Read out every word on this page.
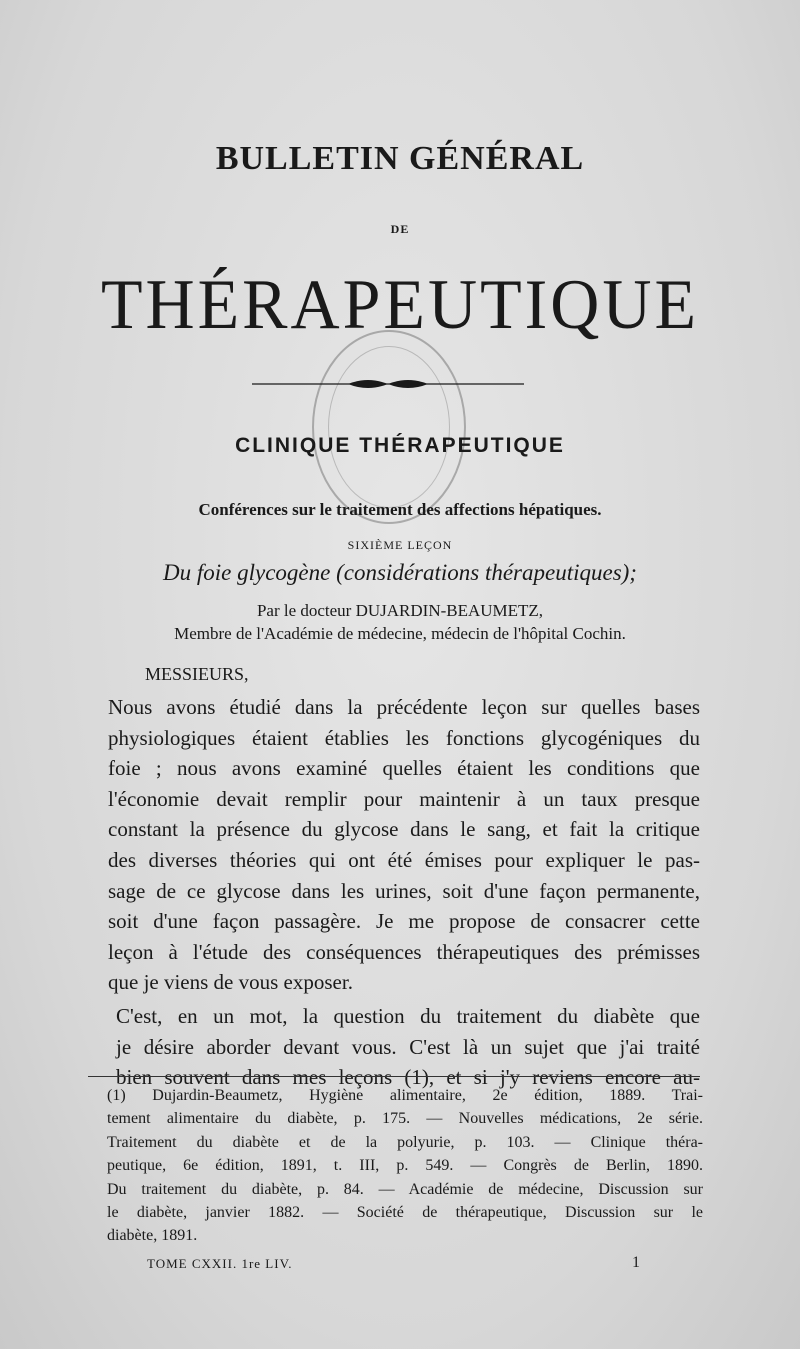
BULLETIN GÉNÉRAL
DE
THÉRAPEUTIQUE
CLINIQUE THÉRAPEUTIQUE
Conférences sur le traitement des affections hépatiques.
SIXIÈME LEÇON
Du foie glycogène (considérations thérapeutiques);
Par le docteur DUJARDIN-BEAUMETZ,
Membre de l'Académie de médecine, médecin de l'hôpital Cochin.
MESSIEURS,

Nous avons étudié dans la précédente leçon sur quelles bases
physiologiques étaient établies les fonctions glycogéniques du
foie ; nous avons examiné quelles étaient les conditions que
l'économie devait remplir pour maintenir à un taux presque
constant la présence du glycose dans le sang, et fait la critique
des diverses théories qui ont été émises pour expliquer le pas-
sage de ce glycose dans les urines, soit d'une façon permanente,
soit d'une façon passagère. Je me propose de consacrer cette
leçon à l'étude des conséquences thérapeutiques des prémisses
que je viens de vous exposer.

C'est, en un mot, la question du traitement du diabète que
je désire aborder devant vous. C'est là un sujet que j'ai traité
bien souvent dans mes leçons (1), et si j'y reviens encore au-

(1) Dujardin-Beaumetz, Hygiène alimentaire, 2e édition, 1889. Trai-
tement alimentaire du diabète, p. 175. — Nouvelles médications, 2e série.
Traitement du diabète et de la polyurie, p. 103. — Clinique théra-
peutique, 6e édition, 1891, t. III, p. 549. — Congrès de Berlin, 1890.
Du traitement du diabète, p. 84. — Académie de médecine, Discussion sur
le diabète, janvier 1882. — Société de thérapeutique, Discussion sur le
diabète, 1891.
TOME CXXII. 1re LIV.	1
